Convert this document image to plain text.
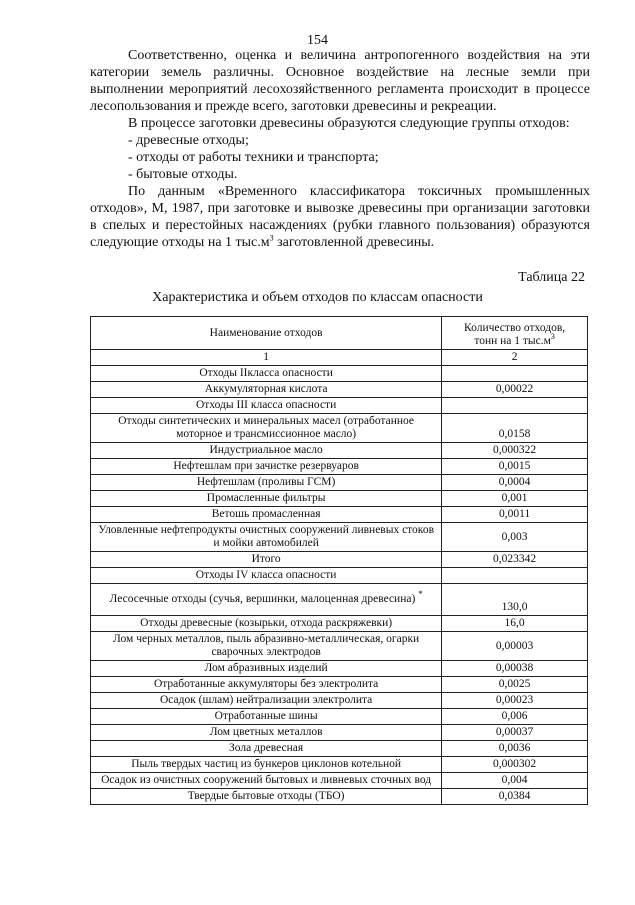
154

Соответственно, оценка и величина антропогенного воздействия на эти категории земель различны. Основное воздействие на лесные земли при выполнении мероприятий лесохозяйственного регламента происходит в процессе лесопользования и прежде всего, заготовки древесины и рекреации.

В процессе заготовки древесины образуются следующие группы отходов:

- древесные отходы;

- отходы от работы техники и транспорта;

- бытовые отходы.

По данным «Временного классификатора токсичных промышленных отходов», М, 1987, при заготовке и вывозке древесины при организации заготовки в спелых и перестойных насаждениях (рубки главного пользования) образуются следующие отходы на 1 $тыс.м^3$ заготовленной древесины.

Таблица 22
Характеристика и объем отходов по классам опасности
Наименование отходов	Количество отходов,
тонн на 1 $тыс.м^3$
1	2
Отходы IIкласса опасности	
Аккумуляторная кислота	0,00022
Отходы III класса опасности	
Отходы синтетических и минеральных масел (отработанное моторное и трансмиссионное масло)	0,0158
Индустриальное масло	0,000322
Нефтешлам при зачистке резервуаров	0,0015
Нефтешлам (проливы ГСМ)	0,0004
Промасленные фильтры	0,001
Ветошь промасленная	0,0011
Уловленные нефтепродукты очистных сооружений ливневых стоков и мойки автомобилей	0,003
Итого	0,023342
Отходы IV класса опасности	
Лесосечные отходы (сучья, вершинки, малоценная древесина) *	130,0
Отходы древесные (козырьки, отхода раскряжевки)	16,0
Лом черных металлов, пыль абразивно-металлическая, огарки сварочных электродов	0,00003
Лом абразивных изделий	0,00038
Отработанные аккумуляторы без электролита	0,0025
Осадок (шлам) нейтрализации электролита	0,00023
Отработанные шины	0,006
Лом цветных металлов	0,00037
Зола древесная	0,0036
Пыль твердых частиц из бункеров циклонов котельной	0,000302
Осадок из очистных сооружений бытовых и ливневых сточных вод	0,004
Твердые бытовые отходы (ТБО)	0,0384
